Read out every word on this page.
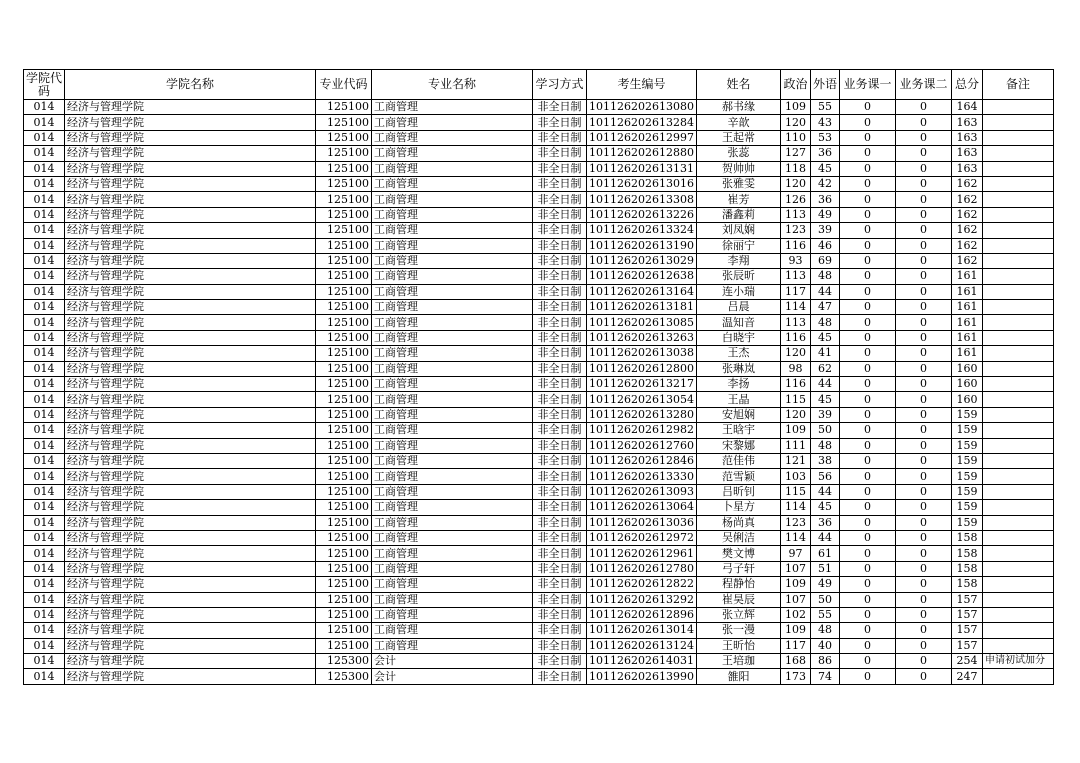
学院代码	学院名称	专业代码	专业名称	学习方式	考生编号	姓名	政治	外语	业务课一	业务课二	总分	备注
014	经济与管理学院	125100	工商管理	非全日制	101126202613080	郝书缘	109	55	0	0	164	
014	经济与管理学院	125100	工商管理	非全日制	101126202613284	辛歆	120	43	0	0	163	
014	经济与管理学院	125100	工商管理	非全日制	101126202612997	王起常	110	53	0	0	163	
014	经济与管理学院	125100	工商管理	非全日制	101126202612880	张蕊	127	36	0	0	163	
014	经济与管理学院	125100	工商管理	非全日制	101126202613131	贺帅帅	118	45	0	0	163	
014	经济与管理学院	125100	工商管理	非全日制	101126202613016	张雅雯	120	42	0	0	162	
014	经济与管理学院	125100	工商管理	非全日制	101126202613308	崔芳	126	36	0	0	162	
014	经济与管理学院	125100	工商管理	非全日制	101126202613226	潘鑫莉	113	49	0	0	162	
014	经济与管理学院	125100	工商管理	非全日制	101126202613324	刘凤娴	123	39	0	0	162	
014	经济与管理学院	125100	工商管理	非全日制	101126202613190	徐丽宁	116	46	0	0	162	
014	经济与管理学院	125100	工商管理	非全日制	101126202613029	李翔	93	69	0	0	162	
014	经济与管理学院	125100	工商管理	非全日制	101126202612638	张辰昕	113	48	0	0	161	
014	经济与管理学院	125100	工商管理	非全日制	101126202613164	连小瑞	117	44	0	0	161	
014	经济与管理学院	125100	工商管理	非全日制	101126202613181	吕晨	114	47	0	0	161	
014	经济与管理学院	125100	工商管理	非全日制	101126202613085	温知音	113	48	0	0	161	
014	经济与管理学院	125100	工商管理	非全日制	101126202613263	白晓宇	116	45	0	0	161	
014	经济与管理学院	125100	工商管理	非全日制	101126202613038	王杰	120	41	0	0	161	
014	经济与管理学院	125100	工商管理	非全日制	101126202612800	张琳岚	98	62	0	0	160	
014	经济与管理学院	125100	工商管理	非全日制	101126202613217	李扬	116	44	0	0	160	
014	经济与管理学院	125100	工商管理	非全日制	101126202613054	王晶	115	45	0	0	160	
014	经济与管理学院	125100	工商管理	非全日制	101126202613280	安旭娴	120	39	0	0	159	
014	经济与管理学院	125100	工商管理	非全日制	101126202612982	王晗宇	109	50	0	0	159	
014	经济与管理学院	125100	工商管理	非全日制	101126202612760	宋黎娜	111	48	0	0	159	
014	经济与管理学院	125100	工商管理	非全日制	101126202612846	范佳伟	121	38	0	0	159	
014	经济与管理学院	125100	工商管理	非全日制	101126202613330	范雪颖	103	56	0	0	159	
014	经济与管理学院	125100	工商管理	非全日制	101126202613093	吕昕钊	115	44	0	0	159	
014	经济与管理学院	125100	工商管理	非全日制	101126202613064	卜星方	114	45	0	0	159	
014	经济与管理学院	125100	工商管理	非全日制	101126202613036	杨尚真	123	36	0	0	159	
014	经济与管理学院	125100	工商管理	非全日制	101126202612972	吴俐洁	114	44	0	0	158	
014	经济与管理学院	125100	工商管理	非全日制	101126202612961	樊文博	97	61	0	0	158	
014	经济与管理学院	125100	工商管理	非全日制	101126202612780	弓子轩	107	51	0	0	158	
014	经济与管理学院	125100	工商管理	非全日制	101126202612822	程静怡	109	49	0	0	158	
014	经济与管理学院	125100	工商管理	非全日制	101126202613292	崔昊辰	107	50	0	0	157	
014	经济与管理学院	125100	工商管理	非全日制	101126202612896	张立辉	102	55	0	0	157	
014	经济与管理学院	125100	工商管理	非全日制	101126202613014	张一漫	109	48	0	0	157	
014	经济与管理学院	125100	工商管理	非全日制	101126202613124	王昕怡	117	40	0	0	157	
014	经济与管理学院	125300	会计	非全日制	101126202614031	王培珈	168	86	0	0	254	申请初试加分
014	经济与管理学院	125300	会计	非全日制	101126202613990	雒阳	173	74	0	0	247	
